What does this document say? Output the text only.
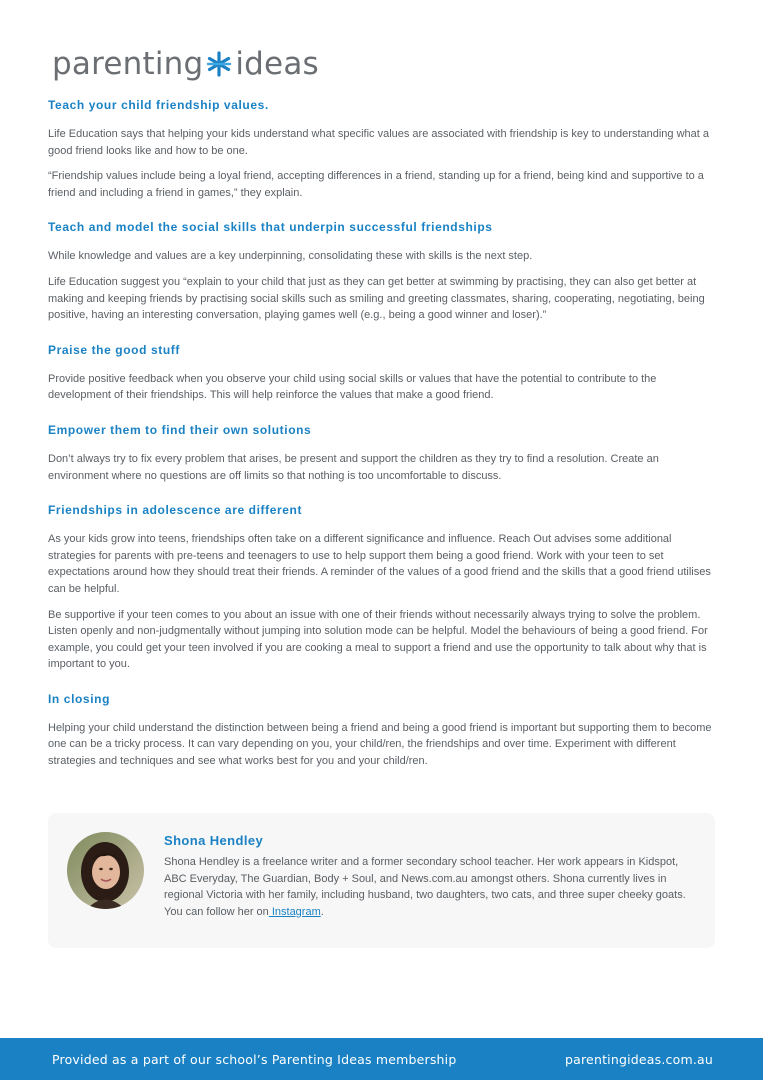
parenting ideas
Teach your child friendship values.

Life Education says that helping your kids understand what specific values are associated with friendship is key to understanding what a good friend looks like and how to be one.

“Friendship values include being a loyal friend, accepting differences in a friend, standing up for a friend, being kind and supportive to a friend and including a friend in games,” they explain.

Teach and model the social skills that underpin successful friendships

While knowledge and values are a key underpinning, consolidating these with skills is the next step.

Life Education suggest you “explain to your child that just as they can get better at swimming by practising, they can also get better at making and keeping friends by practising social skills such as smiling and greeting classmates, sharing, cooperating, negotiating, being positive, having an interesting conversation, playing games well (e.g., being a good winner and loser).”

Praise the good stuff

Provide positive feedback when you observe your child using social skills or values that have the potential to contribute to the development of their friendships. This will help reinforce the values that make a good friend.

Empower them to find their own solutions

Don’t always try to fix every problem that arises, be present and support the children as they try to find a resolution. Create an environment where no questions are off limits so that nothing is too uncomfortable to discuss.

Friendships in adolescence are different

As your kids grow into teens, friendships often take on a different significance and influence. Reach Out advises some additional strategies for parents with pre-teens and teenagers to use to help support them being a good friend. Work with your teen to set expectations around how they should treat their friends. A reminder of the values of a good friend and the skills that a good friend utilises can be helpful.

Be supportive if your teen comes to you about an issue with one of their friends without necessarily always trying to solve the problem. Listen openly and non-judgmentally without jumping into solution mode can be helpful. Model the behaviours of being a good friend. For example, you could get your teen involved if you are cooking a meal to support a friend and use the opportunity to talk about why that is important to you.

In closing

Helping your child understand the distinction between being a friend and being a good friend is important but supporting them to become one can be a tricky process. It can vary depending on you, your child/ren, the friendships and over time. Experiment with different strategies and techniques and see what works best for you and your child/ren.

Shona Hendley
Shona Hendley is a freelance writer and a former secondary school teacher. Her work appears in Kidspot, ABC Everyday, The Guardian, Body + Soul, and News.com.au amongst others. Shona currently lives in regional Victoria with her family, including husband, two daughters, two cats, and three super cheeky goats. You can follow her on Instagram.
Provided as a part of our school’s Parenting Ideas membership	parentingideas.com.au
